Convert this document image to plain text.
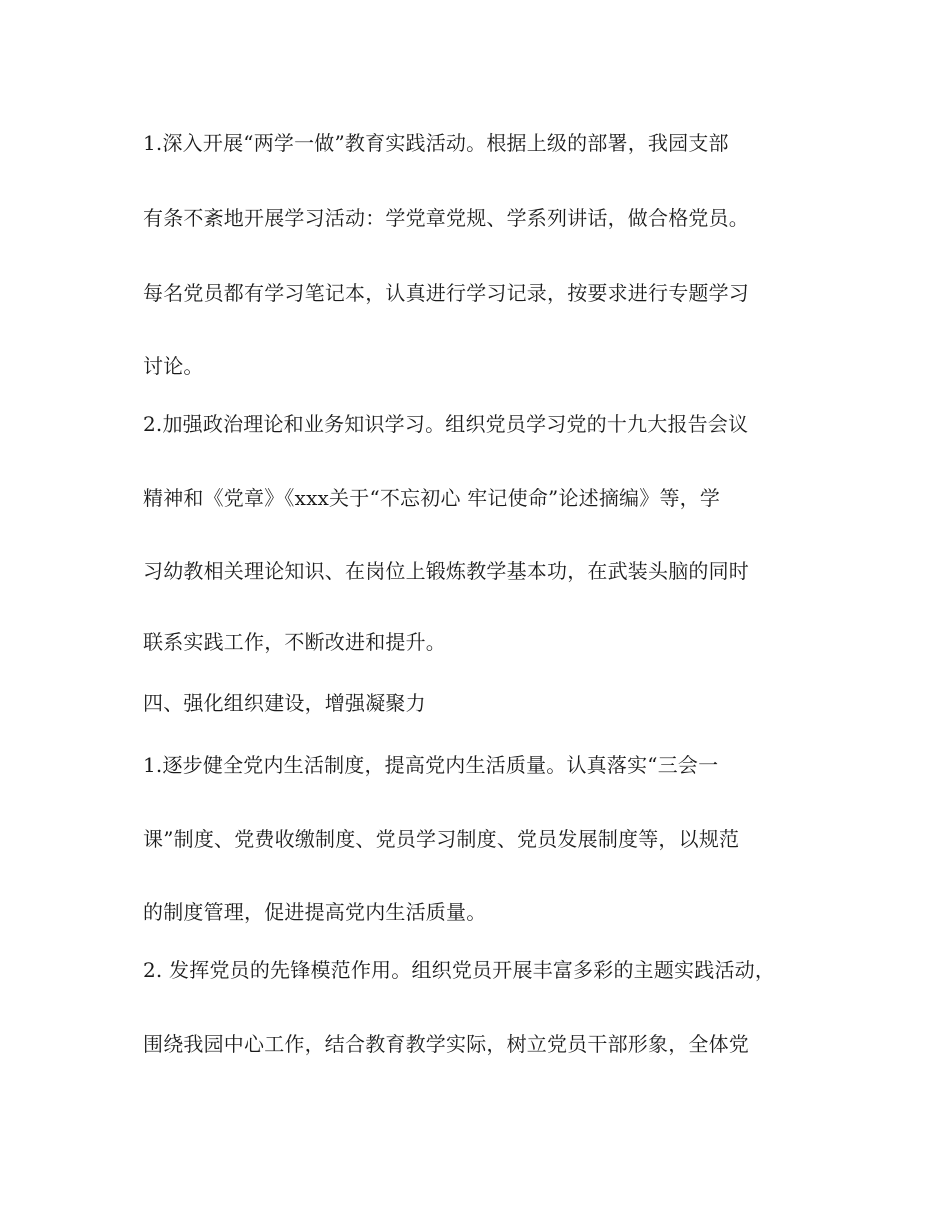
1.深入开展“两学一做”教育实践活动。根据上级的部署，我园支部
有条不紊地开展学习活动：学党章党规、学系列讲话，做合格党员。
每名党员都有学习笔记本，认真进行学习记录，按要求进行专题学习
讨论。
2.加强政治理论和业务知识学习。组织党员学习党的十九大报告会议
精神和《党章》《xxx关于“不忘初心 牢记使命”论述摘编》等，学
习幼教相关理论知识、在岗位上锻炼教学基本功，在武装头脑的同时
联系实践工作，不断改进和提升。
四、强化组织建设，增强凝聚力
1.逐步健全党内生活制度，提高党内生活质量。认真落实“三会一
课”制度、党费收缴制度、党员学习制度、党员发展制度等，以规范
的制度管理，促进提高党内生活质量。
2. 发挥党员的先锋模范作用。组织党员开展丰富多彩的主题实践活动，
围绕我园中心工作，结合教育教学实际，树立党员干部形象，全体党
